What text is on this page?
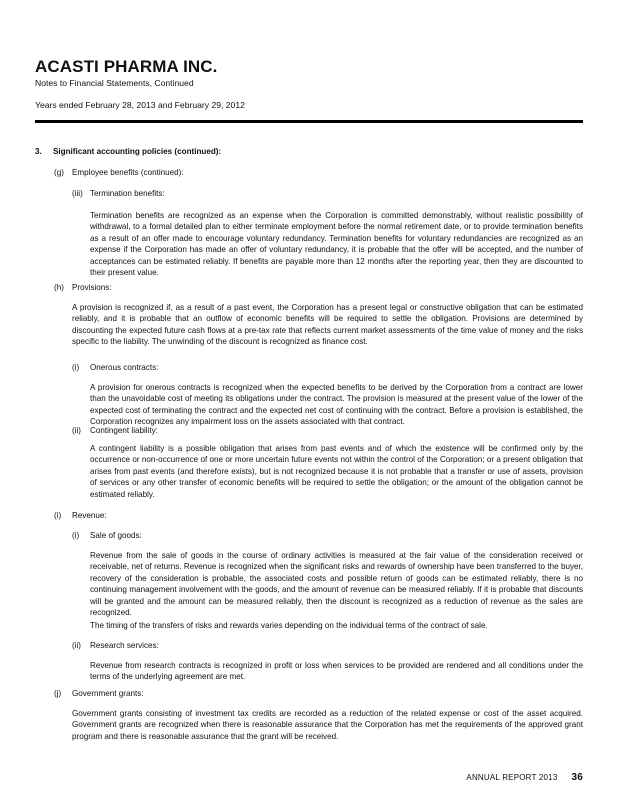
ACASTI PHARMA INC.

Notes to Financial Statements, Continued

Years ended February 28, 2013 and February 29, 2012

3. Significant accounting policies (continued):
(g) Employee benefits (continued):
(iii) Termination benefits:

Termination benefits are recognized as an expense when the Corporation is committed demonstrably, without realistic possibility of withdrawal, to a formal detailed plan to either terminate employment before the normal retirement date, or to provide termination benefits as a result of an offer made to encourage voluntary redundancy. Termination benefits for voluntary redundancies are recognized as an expense if the Corporation has made an offer of voluntary redundancy, it is probable that the offer will be accepted, and the number of acceptances can be estimated reliably. If benefits are payable more than 12 months after the reporting year, then they are discounted to their present value.

(h) Provisions:

A provision is recognized if, as a result of a past event, the Corporation has a present legal or constructive obligation that can be estimated reliably, and it is probable that an outflow of economic benefits will be required to settle the obligation. Provisions are determined by discounting the expected future cash flows at a pre-tax rate that reflects current market assessments of the time value of money and the risks specific to the liability. The unwinding of the discount is recognized as finance cost.

(i) Onerous contracts:

A provision for onerous contracts is recognized when the expected benefits to be derived by the Corporation from a contract are lower than the unavoidable cost of meeting its obligations under the contract. The provision is measured at the present value of the lower of the expected cost of terminating the contract and the expected net cost of continuing with the contract. Before a provision is established, the Corporation recognizes any impairment loss on the assets associated with that contract.

(ii) Contingent liability:

A contingent liability is a possible obligation that arises from past events and of which the existence will be confirmed only by the occurrence or non-occurrence of one or more uncertain future events not within the control of the Corporation; or a present obligation that arises from past events (and therefore exists), but is not recognized because it is not probable that a transfer or use of assets, provision of services or any other transfer of economic benefits will be required to settle the obligation; or the amount of the obligation cannot be estimated reliably.

(i) Revenue:
(i) Sale of goods:

Revenue from the sale of goods in the course of ordinary activities is measured at the fair value of the consideration received or receivable, net of returns. Revenue is recognized when the significant risks and rewards of ownership have been transferred to the buyer, recovery of the consideration is probable, the associated costs and possible return of goods can be estimated reliably, there is no continuing management involvement with the goods, and the amount of revenue can be measured reliably. If it is probable that discounts will be granted and the amount can be measured reliably, then the discount is recognized as a reduction of revenue as the sales are recognized.

The timing of the transfers of risks and rewards varies depending on the individual terms of the contract of sale.

(ii) Research services:

Revenue from research contracts is recognized in profit or loss when services to be provided are rendered and all conditions under the terms of the underlying agreement are met.

(j) Government grants:

Government grants consisting of investment tax credits are recorded as a reduction of the related expense or cost of the asset acquired. Government grants are recognized when there is reasonable assurance that the Corporation has met the requirements of the approved grant program and there is reasonable assurance that the grant will be received.

ANNUAL REPORT 2013 36
